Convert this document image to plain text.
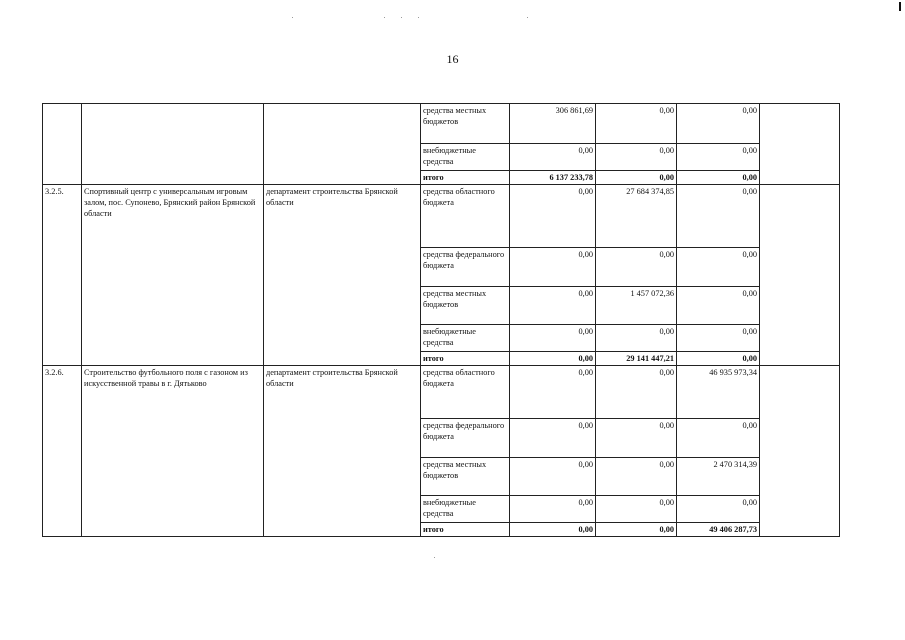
16
			средства местных бюджетов	306 861,69	0,00	0,00	
			внебюджетные средства	0,00	0,00	0,00	
			итого	6 137 233,78	0,00	0,00	
3.2.5.	Спортивный центр с универсальным игровым залом, пос. Супонево, Брянский район Брянской области	департамент строительства Брянской области	средства областного бюджета	0,00	27 684 374,85	0,00	
			средства федерального бюджета	0,00	0,00	0,00	
			средства местных бюджетов	0,00	1 457 072,36	0,00	
			внебюджетные средства	0,00	0,00	0,00	
			итого	0,00	29 141 447,21	0,00	
3.2.6.	Строительство футбольного поля с газоном из искусственной травы в г. Дятьково	департамент строительства Брянской области	средства областного бюджета	0,00	0,00	46 935 973,34	
			средства федерального бюджета	0,00	0,00	0,00	
			средства местных бюджетов	0,00	0,00	2 470 314,39	
			внебюджетные средства	0,00	0,00	0,00	
			итого	0,00	0,00	49 406 287,73	
